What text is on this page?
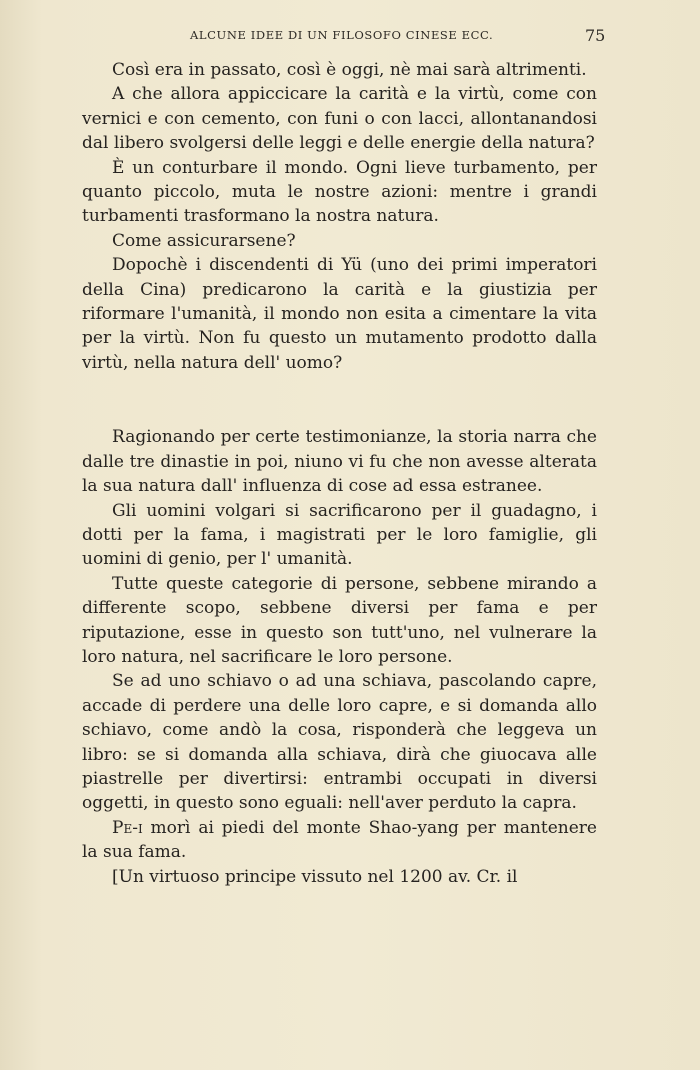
ALCUNE IDEE DI UN FILOSOFO CINESE ECC.	75

Così era in passato, così è oggi, nè mai sarà altrimenti.

A che allora appiccicare la carità e la virtù, come con vernici e con cemento, con funi o con lacci, allontanandosi dal libero svolgersi delle leggi e delle energie della natura?

È un conturbare il mondo. Ogni lieve turbamento, per quanto piccolo, muta le nostre azioni: mentre i grandi turbamenti trasformano la nostra natura.

Come assicurarsene?

Dopochè i discendenti di Yü (uno dei primi imperatori della Cina) predicarono la carità e la giustizia per riformare l'umanità, il mondo non esita a cimentare la vita per la virtù. Non fu questo un mutamento prodotto dalla virtù, nella natura dell' uomo?

Ragionando per certe testimonianze, la storia narra che dalle tre dinastie in poi, niuno vi fu che non avesse alterata la sua natura dall' influenza di cose ad essa estranee.

Gli uomini volgari si sacrificarono per il guadagno, i dotti per la fama, i magistrati per le loro famiglie, gli uomini di genio, per l' umanità.

Tutte queste categorie di persone, sebbene mirando a differente scopo, sebbene diversi per fama e per riputazione, esse in questo son tutt'uno, nel vulnerare la loro natura, nel sacrificare le loro persone.

Se ad uno schiavo o ad una schiava, pascolando capre, accade di perdere una delle loro capre, e si domanda allo schiavo, come andò la cosa, risponderà che leggeva un libro: se si domanda alla schiava, dirà che giuocava alle piastrelle per divertirsi: entrambi occupati in diversi oggetti, in questo sono eguali: nell'aver perduto la capra.

Pe-i morì ai piedi del monte Shao-yang per mantenere la sua fama.

[Un virtuoso principe vissuto nel 1200 av. Cr. il
